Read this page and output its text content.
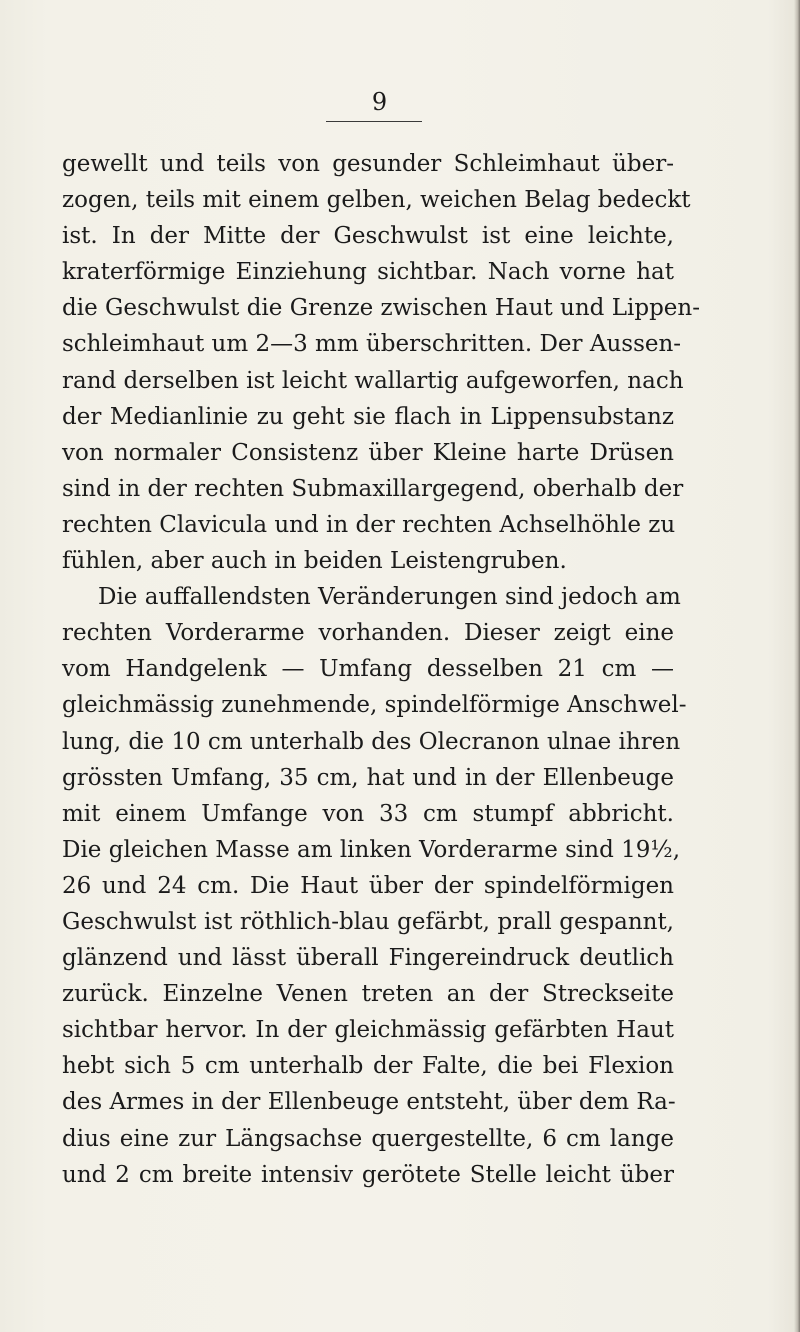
9
gewellt und teils von gesunder Schleimhaut über-
zogen, teils mit einem gelben, weichen Belag bedeckt
ist. In der Mitte der Geschwulst ist eine leichte,
kraterförmige Einziehung sichtbar. Nach vorne hat
die Geschwulst die Grenze zwischen Haut und Lippen-
schleimhaut um 2—3 mm überschritten. Der Aussen-
rand derselben ist leicht wallartig aufgeworfen, nach
der Medianlinie zu geht sie flach in Lippensubstanz
von normaler Consistenz über Kleine harte Drüsen
sind in der rechten Submaxillargegend, oberhalb der
rechten Clavicula und in der rechten Achselhöhle zu
fühlen, aber auch in beiden Leistengruben.
Die auffallendsten Veränderungen sind jedoch am
rechten Vorderarme vorhanden. Dieser zeigt eine
vom Handgelenk — Umfang desselben 21 cm —
gleichmässig zunehmende, spindelförmige Anschwel-
lung, die 10 cm unterhalb des Olecranon ulnae ihren
grössten Umfang, 35 cm, hat und in der Ellenbeuge
mit einem Umfange von 33 cm stumpf abbricht.
Die gleichen Masse am linken Vorderarme sind 19½,
26 und 24 cm. Die Haut über der spindelförmigen
Geschwulst ist röthlich-blau gefärbt, prall gespannt,
glänzend und lässt überall Fingereindruck deutlich
zurück. Einzelne Venen treten an der Streckseite
sichtbar hervor. In der gleichmässig gefärbten Haut
hebt sich 5 cm unterhalb der Falte, die bei Flexion
des Armes in der Ellenbeuge entsteht, über dem Ra-
dius eine zur Längsachse quergestellte, 6 cm lange
und 2 cm breite intensiv gerötete Stelle leicht über
